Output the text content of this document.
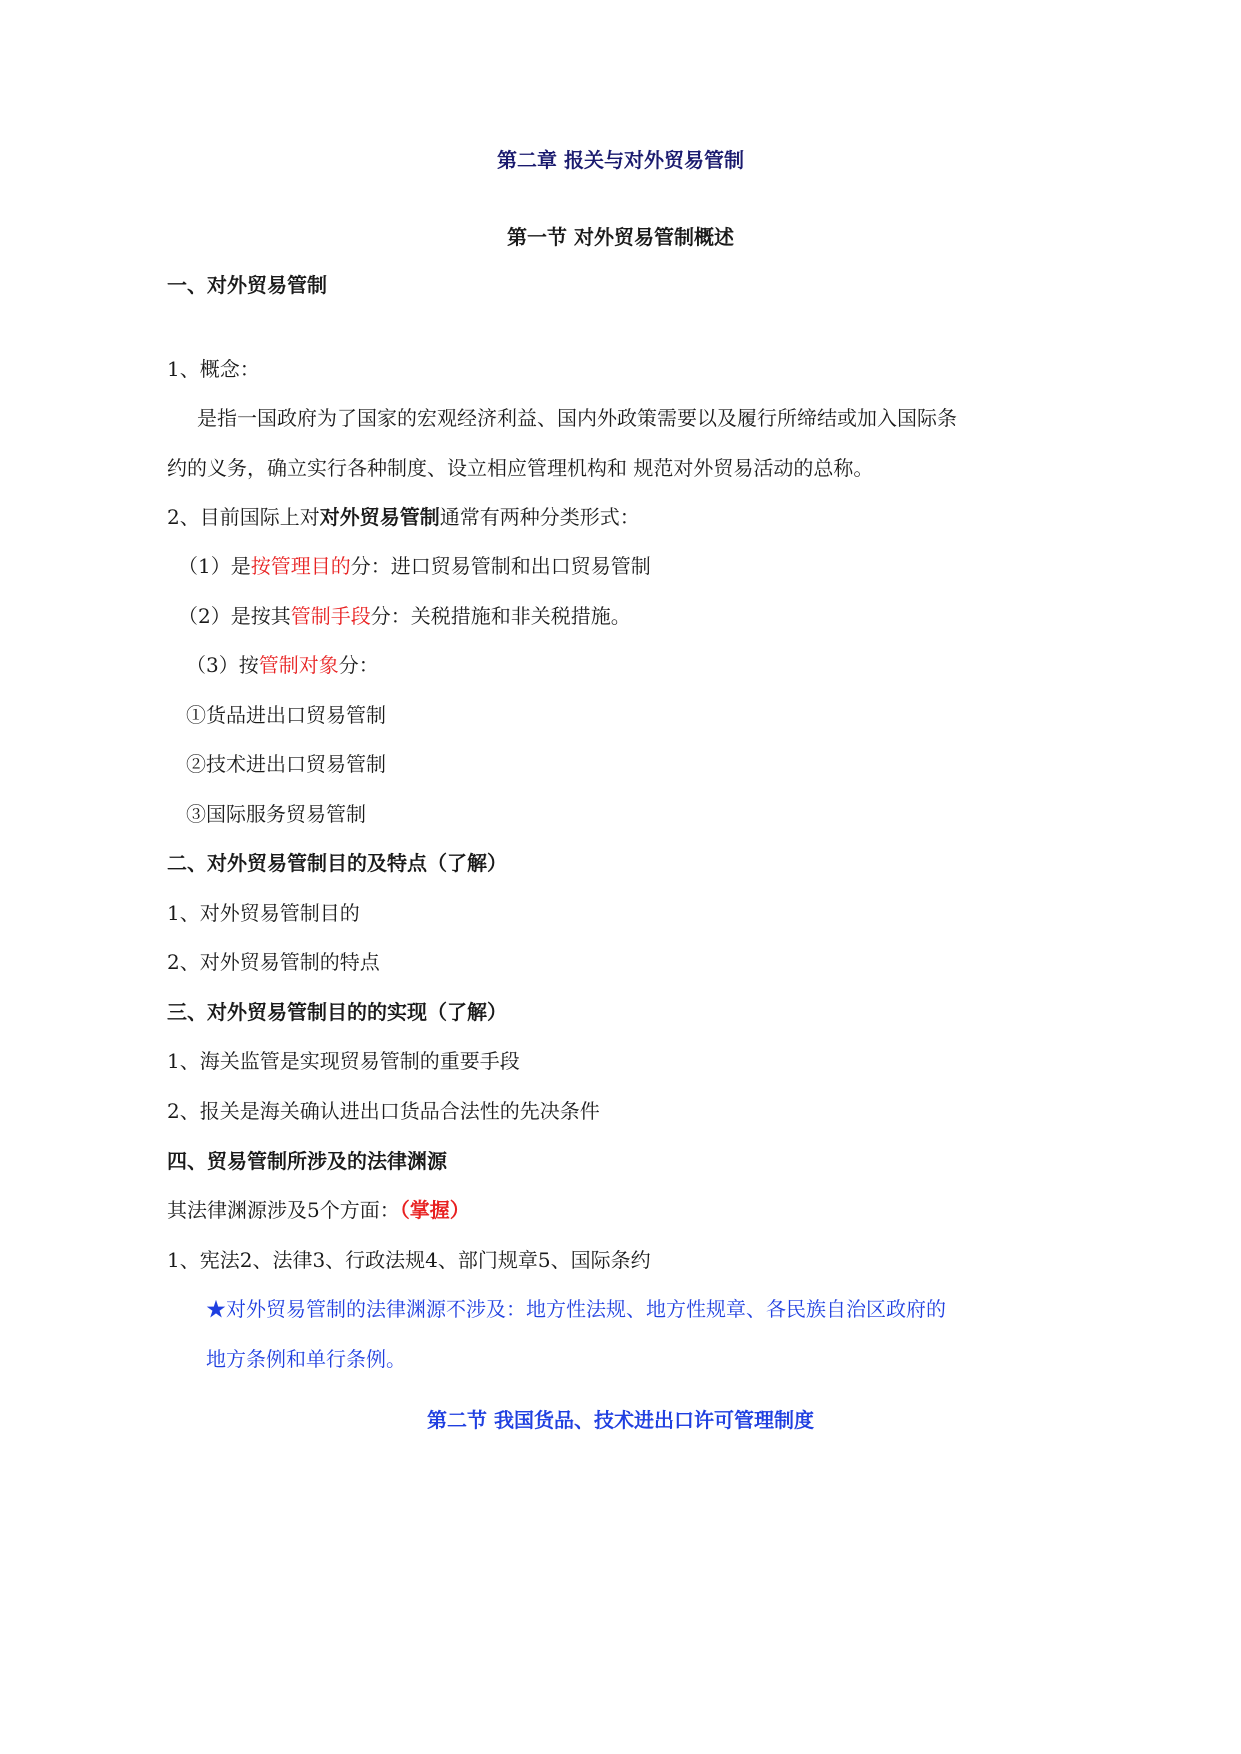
第二章 报关与对外贸易管制
第一节 对外贸易管制概述
一、对外贸易管制
1、概念：
是指一国政府为了国家的宏观经济利益、国内外政策需要以及履行所缔结或加入国际条
约的义务，确立实行各种制度、设立相应管理机构和 规范对外贸易活动的总称。
2、目前国际上对对外贸易管制通常有两种分类形式：
（1）是按管理目的分：进口贸易管制和出口贸易管制
（2）是按其管制手段分：关税措施和非关税措施。
（3）按管制对象分：
①货品进出口贸易管制
②技术进出口贸易管制
③国际服务贸易管制
二、对外贸易管制目的及特点（了解）
1、对外贸易管制目的
2、对外贸易管制的特点
三、对外贸易管制目的的实现（了解）
1、海关监管是实现贸易管制的重要手段
2、报关是海关确认进出口货品合法性的先决条件
四、贸易管制所涉及的法律渊源
其法律渊源涉及5个方面：（掌握）
1、宪法2、法律3、行政法规4、部门规章5、国际条约
★对外贸易管制的法律渊源不涉及：地方性法规、地方性规章、各民族自治区政府的
地方条例和单行条例。
第二节 我国货品、技术进出口许可管理制度
